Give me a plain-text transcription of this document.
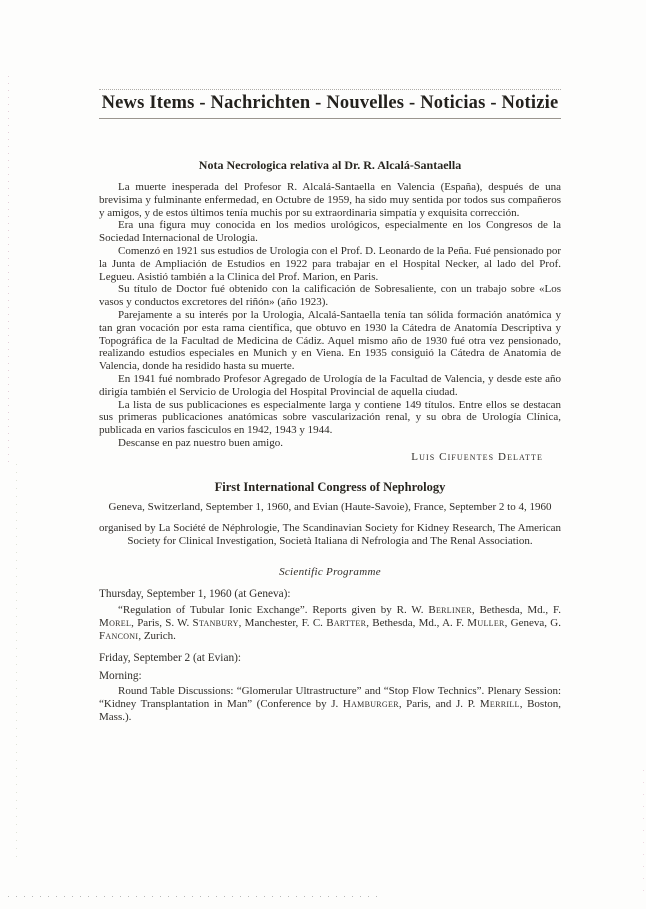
News Items - Nachrichten - Nouvelles - Noticias - Notizie
Nota Necrologica relativa al Dr. R. Alcalá-Santaella

La muerte inesperada del Profesor R. Alcalá-Santaella en Valencia (España), después de una brevisima y fulminante enfermedad, en Octubre de 1959, ha sido muy sentida por todos sus compañeros y amigos, y de estos últimos tenía muchis por su extraordinaria simpatía y exquisita corrección.

Era una figura muy conocida en los medios urológicos, especialmente en los Congresos de la Sociedad Internacional de Urologia.

Comenzó en 1921 sus estudios de Urologia con el Prof. D. Leonardo de la Peña. Fué pensionado por la Junta de Ampliación de Estudios en 1922 para trabajar en el Hospital Necker, al lado del Prof. Legueu. Asistió también a la Clinica del Prof. Marion, en Paris.

Su título de Doctor fué obtenido con la calificación de Sobresaliente, con un trabajo sobre «Los vasos y conductos excretores del riñón» (año 1923).

Parejamente a su interés por la Urologia, Alcalá-Santaella tenía tan sólida formación anatómica y tan gran vocación por esta rama científica, que obtuvo en 1930 la Cátedra de Anatomía Descriptiva y Topográfica de la Facultad de Medicina de Cádiz. Aquel mismo año de 1930 fué otra vez pensionado, realizando estudios especiales en Munich y en Viena. En 1935 consiguió la Cátedra de Anatomia de Valencia, donde ha residido hasta su muerte.

En 1941 fué nombrado Profesor Agregado de Urología de la Facultad de Valencia, y desde este año dirigía también el Servicio de Urologia del Hospital Provincial de aquella ciudad.

La lista de sus publicaciones es especialmente larga y contiene 149 títulos. Entre ellos se destacan sus primeras publicaciones anatómicas sobre vascularización renal, y su obra de Urología Clínica, publicada en varios fasciculos en 1942, 1943 y 1944.

Descanse en paz nuestro buen amigo.

Luis Cifuentes Delatte

First International Congress of Nephrology

Geneva, Switzerland, September 1, 1960, and Evian (Haute-Savoie), France, September 2 to 4, 1960

organised by La Société de Néphrologie, The Scandinavian Society for Kidney Research, The American Society for Clinical Investigation, Società Italiana di Nefrologia and The Renal Association.

Scientific Programme

Thursday, September 1, 1960 (at Geneva):

“Regulation of Tubular Ionic Exchange”. Reports given by R. W. Berliner, Bethesda, Md., F. Morel, Paris, S. W. Stanbury, Manchester, F. C. Bartter, Bethesda, Md., A. F. Muller, Geneva, G. Fanconi, Zurich.

Friday, September 2 (at Evian):

Morning:

Round Table Discussions: “Glomerular Ultrastructure” and “Stop Flow Technics”. Plenary Session: “Kidney Transplantation in Man” (Conference by J. Hamburger, Paris, and J. P. Merrill, Boston, Mass.).
